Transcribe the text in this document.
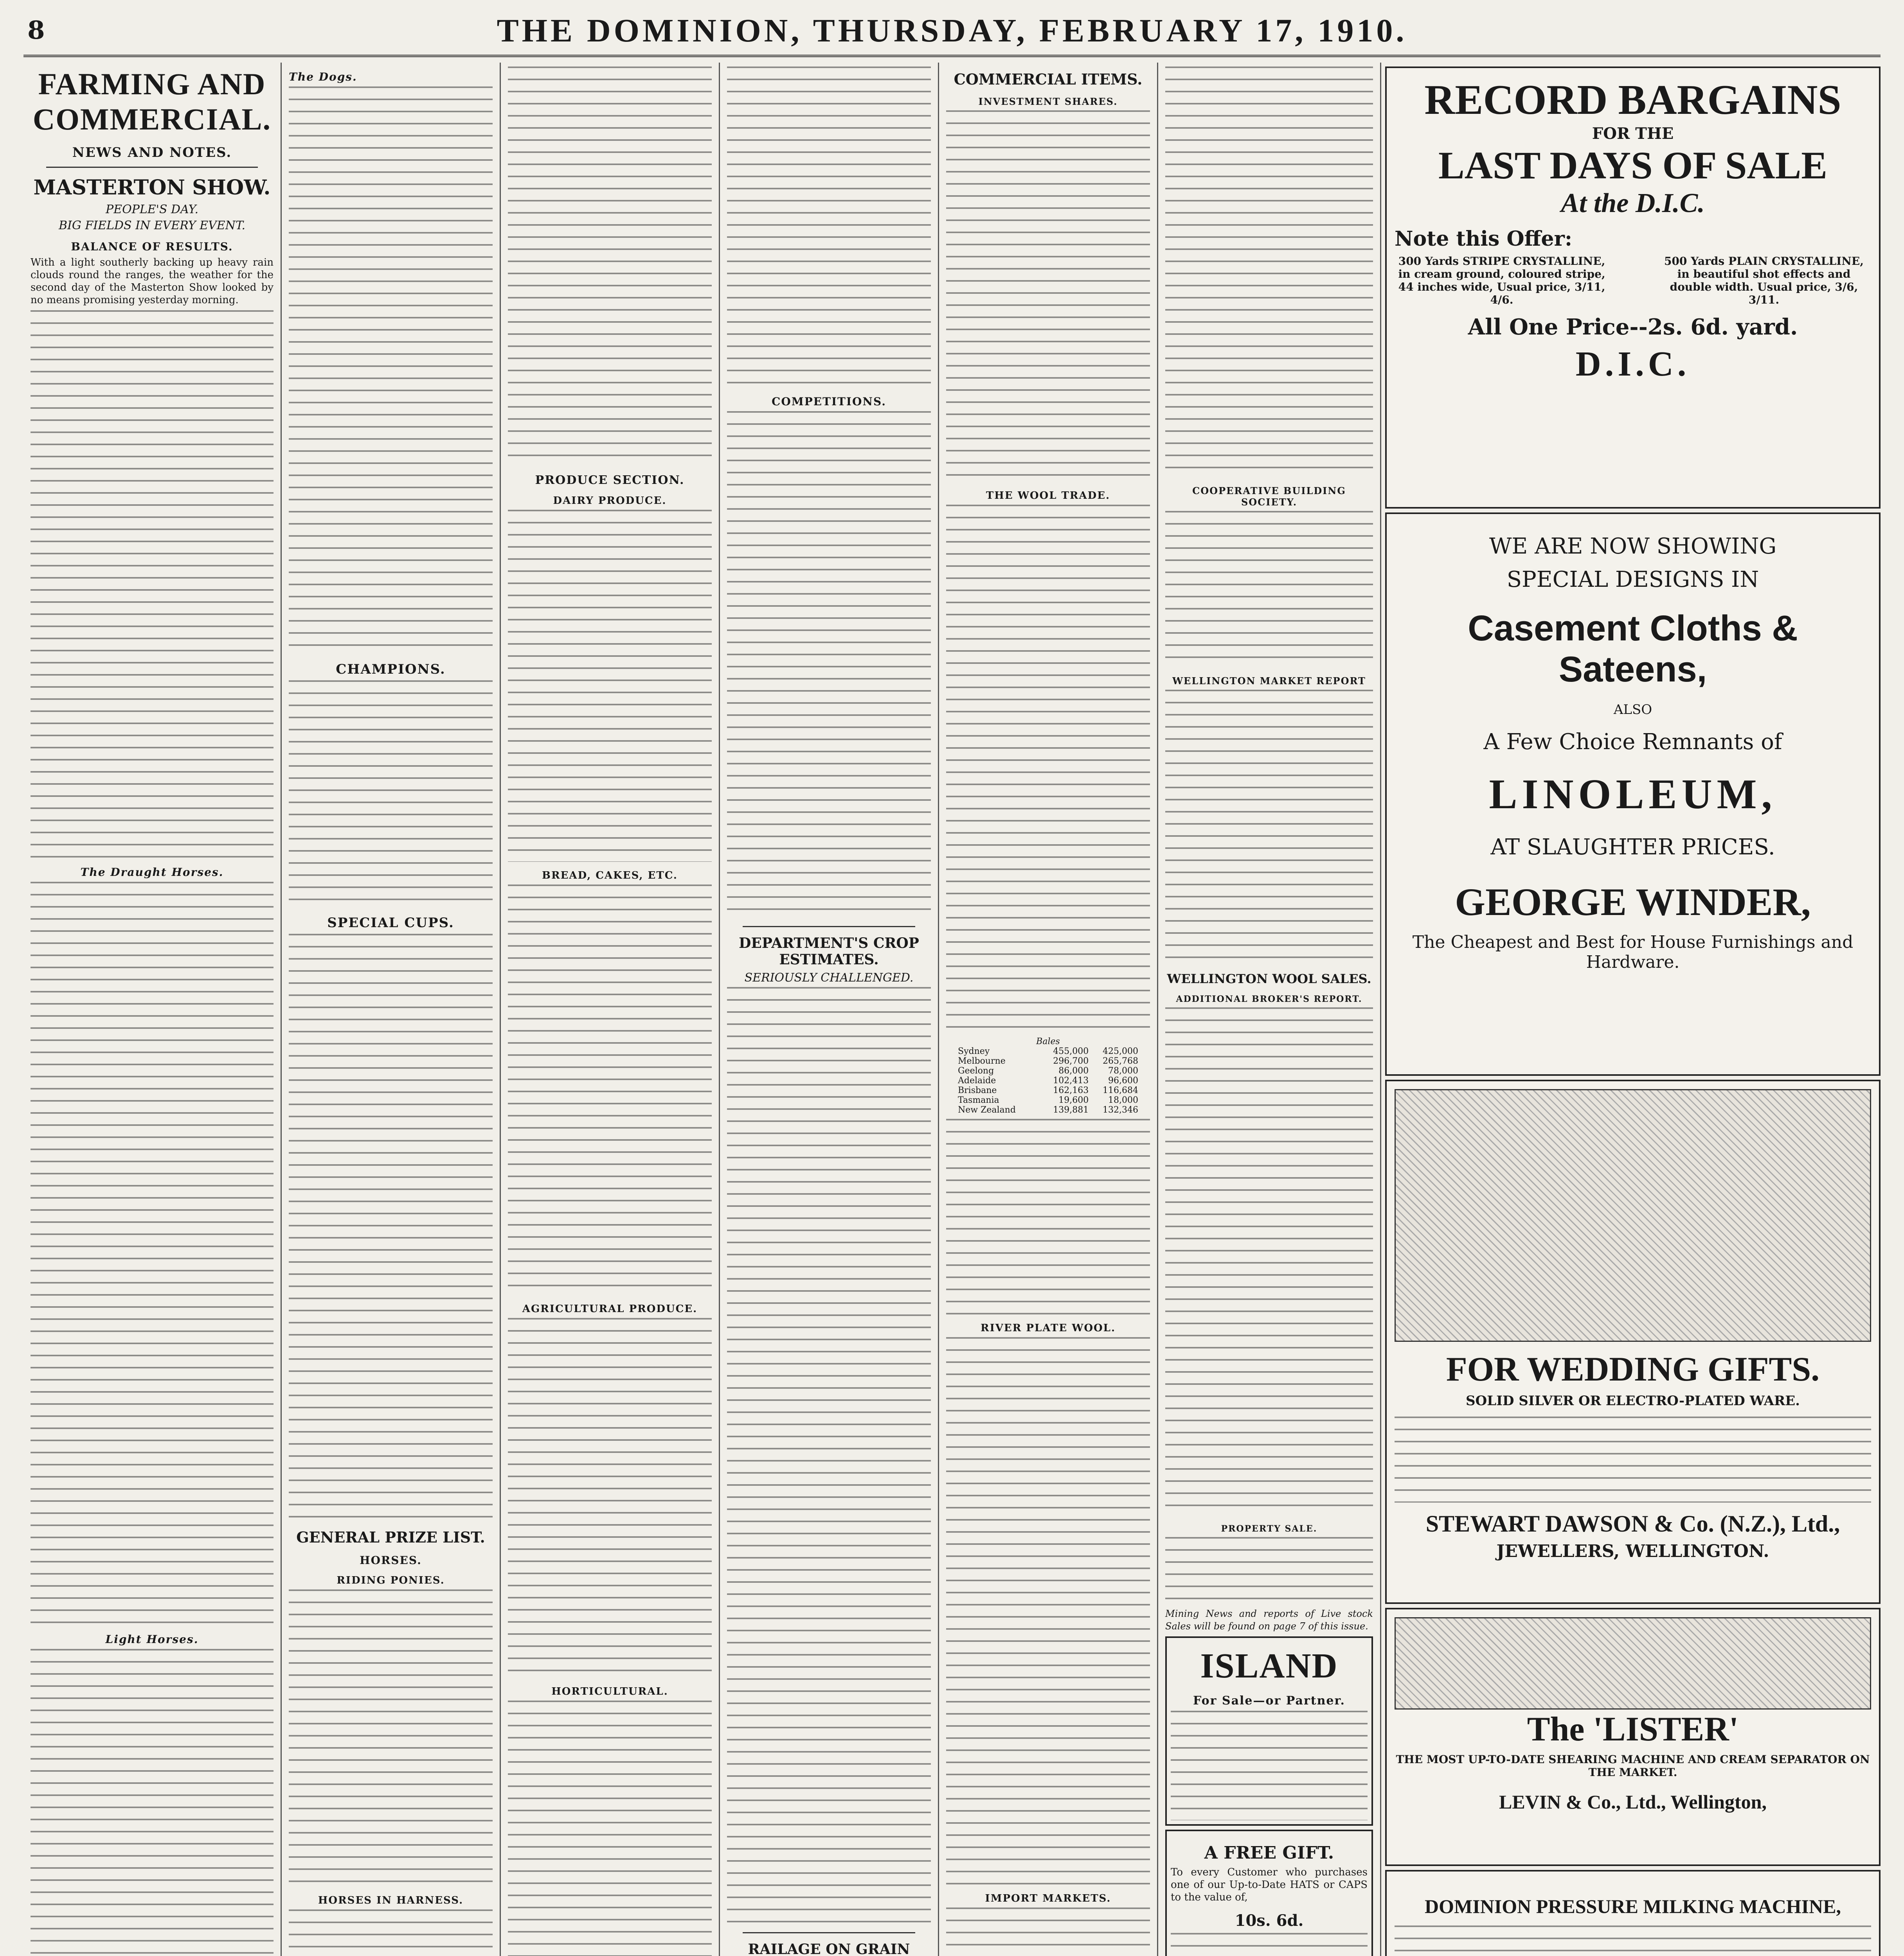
8	THE DOMINION, THURSDAY, FEBRUARY 17, 1910.
FARMING AND COMMERCIAL.
NEWS AND NOTES.
MASTERTON SHOW.
PEOPLE'S DAY.
BIG FIELDS IN EVERY EVENT.
BALANCE OF RESULTS.

With a light southerly backing up heavy rain clouds round the ranges, the weather for the second day of the Masterton Show looked by no means promising yesterday morning.

The Draught Horses.
Light Horses.
The Dogs.
CHAMPIONS.
SPECIAL CUPS.
GENERAL PRIZE LIST.
HORSES.
RIDING PONIES.
HORSES IN HARNESS.
PRODUCE SECTION.
DAIRY PRODUCE.
BREAD, CAKES, ETC.
AGRICULTURAL PRODUCE.
HORTICULTURAL.
COMPETITIONS.
DEPARTMENT'S CROP ESTIMATES.
SERIOUSLY CHALLENGED.
RAILAGE ON GRAIN
COMMERCIAL ITEMS.
INVESTMENT SHARES.
THE WOOL TRADE.
Bales
Sydney	455,000	425,000
Melbourne	296,700	265,768
Geelong	86,000	78,000
Adelaide	102,413	96,600
Brisbane	162,163	116,684
Tasmania	19,600	18,000
New Zealand	139,881	132,346
RIVER PLATE WOOL.
IMPORT MARKETS.
COOPERATIVE BUILDING SOCIETY.
WELLINGTON MARKET REPORT
WELLINGTON WOOL SALES.
ADDITIONAL BROKER'S REPORT.
PROPERTY SALE.

Mining News and reports of Live stock Sales will be found on page 7 of this issue.

ISLAND
For Sale—or Partner.
A FREE GIFT.

To every Customer who purchases one of our Up-to-Date HATS or CAPS to the value of,

10s. 6d.
RECORD BARGAINS
FOR THE
LAST DAYS OF SALE
At the D.I.C.
Note this Offer:
300 Yards STRIPE CRYSTALLINE, in cream ground, coloured stripe, 44 inches wide, Usual price, 3/11, 4/6.
500 Yards PLAIN CRYSTALLINE, in beautiful shot effects and double width. Usual price, 3/6, 3/11.
All One Price--2s. 6d. yard.
D.I.C.
WE ARE NOW SHOWING
SPECIAL DESIGNS IN
Casement Cloths & Sateens,
ALSO
A Few Choice Remnants of
LINOLEUM,
AT SLAUGHTER PRICES.
GEORGE WINDER,
The Cheapest and Best for House Furnishings and Hardware.
FOR WEDDING GIFTS.
SOLID SILVER OR ELECTRO-PLATED WARE.
STEWART DAWSON & Co. (N.Z.), Ltd.,
JEWELLERS, WELLINGTON.
The 'LISTER'
THE MOST UP-TO-DATE SHEARING MACHINE AND CREAM SEPARATOR ON THE MARKET.
LEVIN & Co., Ltd., Wellington,
DOMINION PRESSURE MILKING MACHINE,
